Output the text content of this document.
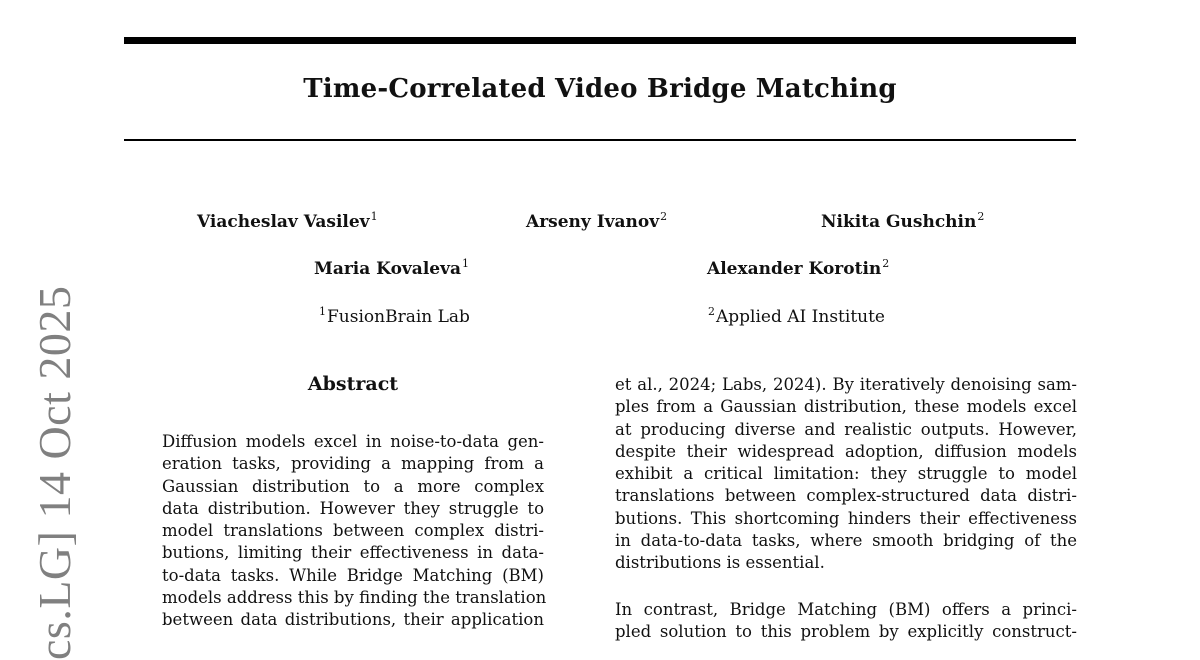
Time-Correlated Video Bridge Matching
Viacheslav Vasilev$^1$	Arseny Ivanov$^2$	Nikita Gushchin$^2$
Maria Kovaleva$^1$	Alexander Korotin$^2$
$^1$FusionBrain Lab	$^2$Applied AI Institute
Abstract
Diffusion models excel in noise-to-data gen-
eration tasks, providing a mapping from a
Gaussian distribution to a more complex
data distribution. However they struggle to
model translations between complex distri-
butions, limiting their effectiveness in data-
to-data tasks. While Bridge Matching (BM)
models address this by finding the translation
between data distributions, their application
et al., 2024; Labs, 2024). By iteratively denoising sam-
ples from a Gaussian distribution, these models excel
at producing diverse and realistic outputs. However,
despite their widespread adoption, diffusion models
exhibit a critical limitation: they struggle to model
translations between complex-structured data distri-
butions. This shortcoming hinders their effectiveness
in data-to-data tasks, where smooth bridging of the
distributions is essential.
In contrast, Bridge Matching (BM) offers a princi-
pled solution to this problem by explicitly construct-
cs.LG] 14 Oct 2025
